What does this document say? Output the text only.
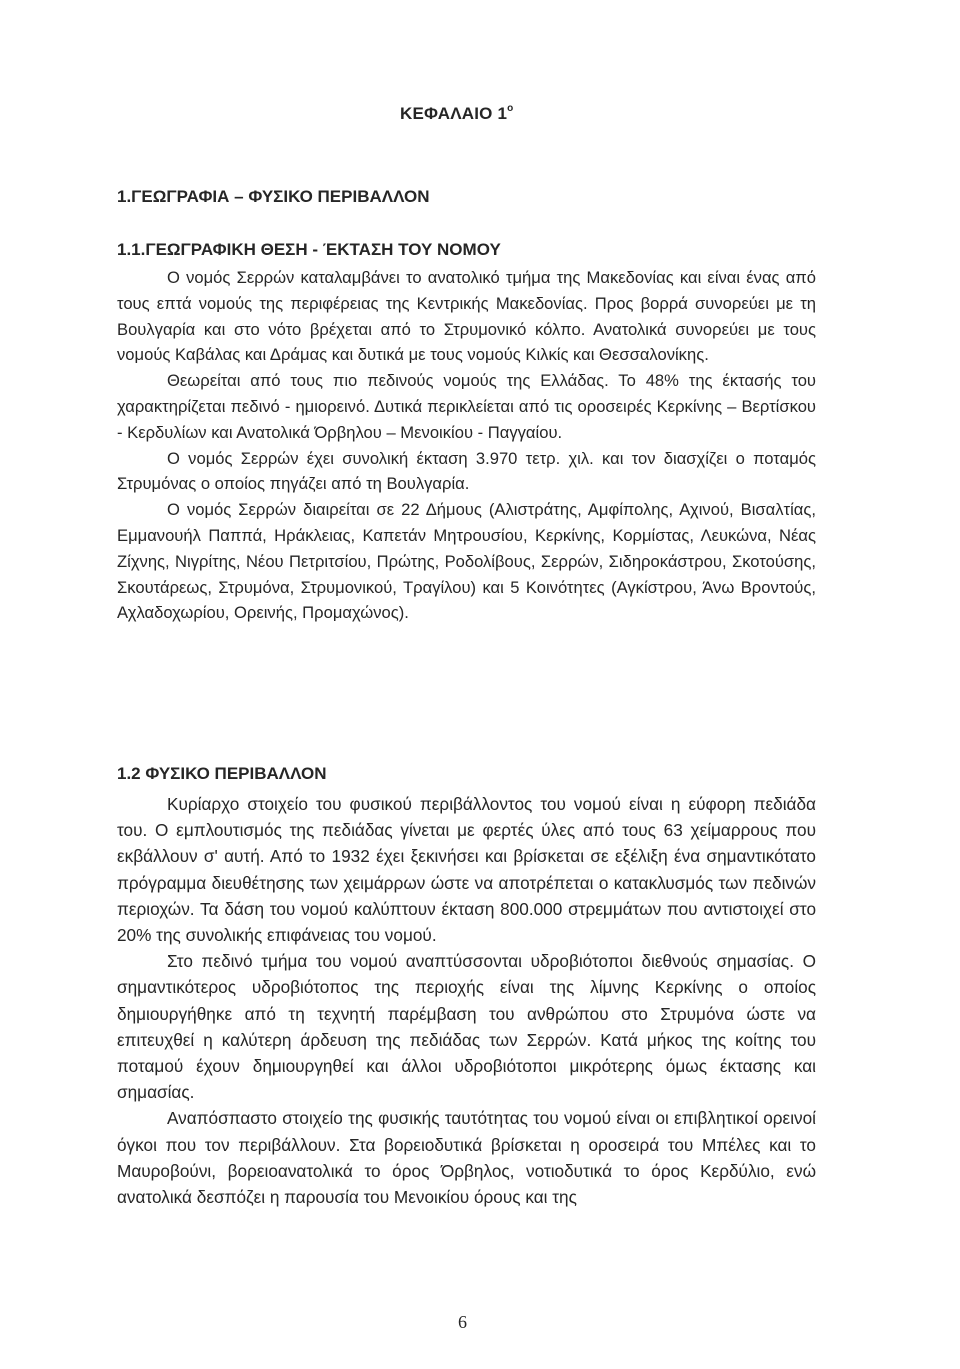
ΚΕΦΑΛΑΙΟ $1^o$
1.ΓΕΩΓΡΑΦΙΑ – ΦΥΣΙΚΟ ΠΕΡΙΒΑΛΛΟΝ
1.1.ΓΕΩΓΡΑΦΙΚΗ ΘΕΣΗ - ΈΚΤΑΣΗ ΤΟΥ ΝΟΜΟΥ

Ο νομός Σερρών καταλαμβάνει το ανατολικό τμήμα της Μακεδονίας και είναι ένας από τους επτά νομούς της περιφέρειας της Κεντρικής Μακεδονίας. Προς βορρά συνορεύει με τη Βουλγαρία και στο νότο βρέχεται από το Στρυμονικό κόλπο. Ανατολικά συνορεύει με τους νομούς Καβάλας και Δράμας και δυτικά με τους νομούς Κιλκίς και Θεσσαλονίκης.

Θεωρείται από τους πιο πεδινούς νομούς της Ελλάδας. Το 48% της έκτασής του χαρακτηρίζεται πεδινό - ημιορεινό. Δυτικά περικλείεται από τις οροσειρές Κερκίνης – Βερτίσκου - Κερδυλίων και Ανατολικά Όρβηλου – Μενοικίου - Παγγαίου.

Ο νομός Σερρών έχει συνολική έκταση 3.970 τετρ. χιλ. και τον διασχίζει ο ποταμός Στρυμόνας ο οποίος πηγάζει από τη Βουλγαρία.

Ο νομός Σερρών διαιρείται σε 22 Δήμους (Αλιστράτης, Αμφίπολης, Αχινού, Βισαλτίας, Εμμανουήλ Παππά, Ηράκλειας, Καπετάν Μητρουσίου, Κερκίνης, Κορμίστας, Λευκώνα, Νέας Ζίχνης, Νιγρίτης, Νέου Πετριτσίου, Πρώτης, Ροδολίβους, Σερρών, Σιδηροκάστρου, Σκοτούσης, Σκουτάρεως, Στρυμόνα, Στρυμονικού, Τραγίλου) και 5 Κοινότητες (Αγκίστρου, Άνω Βροντούς, Αχλαδοχωρίου, Ορεινής, Προμαχώνος).

1.2 ΦΥΣΙΚΟ ΠΕΡΙΒΑΛΛΟΝ

Κυρίαρχο στοιχείο του φυσικού περιβάλλοντος του νομού είναι η εύφορη πεδιάδα του. Ο εμπλουτισμός της πεδιάδας γίνεται με φερτές ύλες από τους 63 χείμαρρους που εκβάλλουν σ' αυτή. Από το 1932 έχει ξεκινήσει και βρίσκεται σε εξέλιξη ένα σημαντικότατο πρόγραμμα διευθέτησης των χειμάρρων ώστε να αποτρέπεται ο κατακλυσμός των πεδινών περιοχών. Τα δάση του νομού καλύπτουν έκταση 800.000 στρεμμάτων που αντιστοιχεί στο 20% της συνολικής επιφάνειας του νομού.

Στο πεδινό τμήμα του νομού αναπτύσσονται υδροβιότοποι διεθνούς σημασίας. Ο σημαντικότερος υδροβιότοπος της περιοχής είναι της λίμνης Κερκίνης ο οποίος δημιουργήθηκε από τη τεχνητή παρέμβαση του ανθρώπου στο Στρυμόνα ώστε να επιτευχθεί η καλύτερη άρδευση της πεδιάδας των Σερρών. Κατά μήκος της κοίτης του ποταμού έχουν δημιουργηθεί και άλλοι υδροβιότοποι μικρότερης όμως έκτασης και σημασίας.

Αναπόσπαστο στοιχείο της φυσικής ταυτότητας του νομού είναι οι επιβλητικοί ορεινοί όγκοι που τον περιβάλλουν. Στα βορειοδυτικά βρίσκεται η οροσειρά του Μπέλες και το Μαυροβούνι, βορειοανατολικά το όρος Όρβηλος, νοτιοδυτικά το όρος Κερδύλιο, ενώ ανατολικά δεσπόζει η παρουσία του Μενοικίου όρους και της

6
